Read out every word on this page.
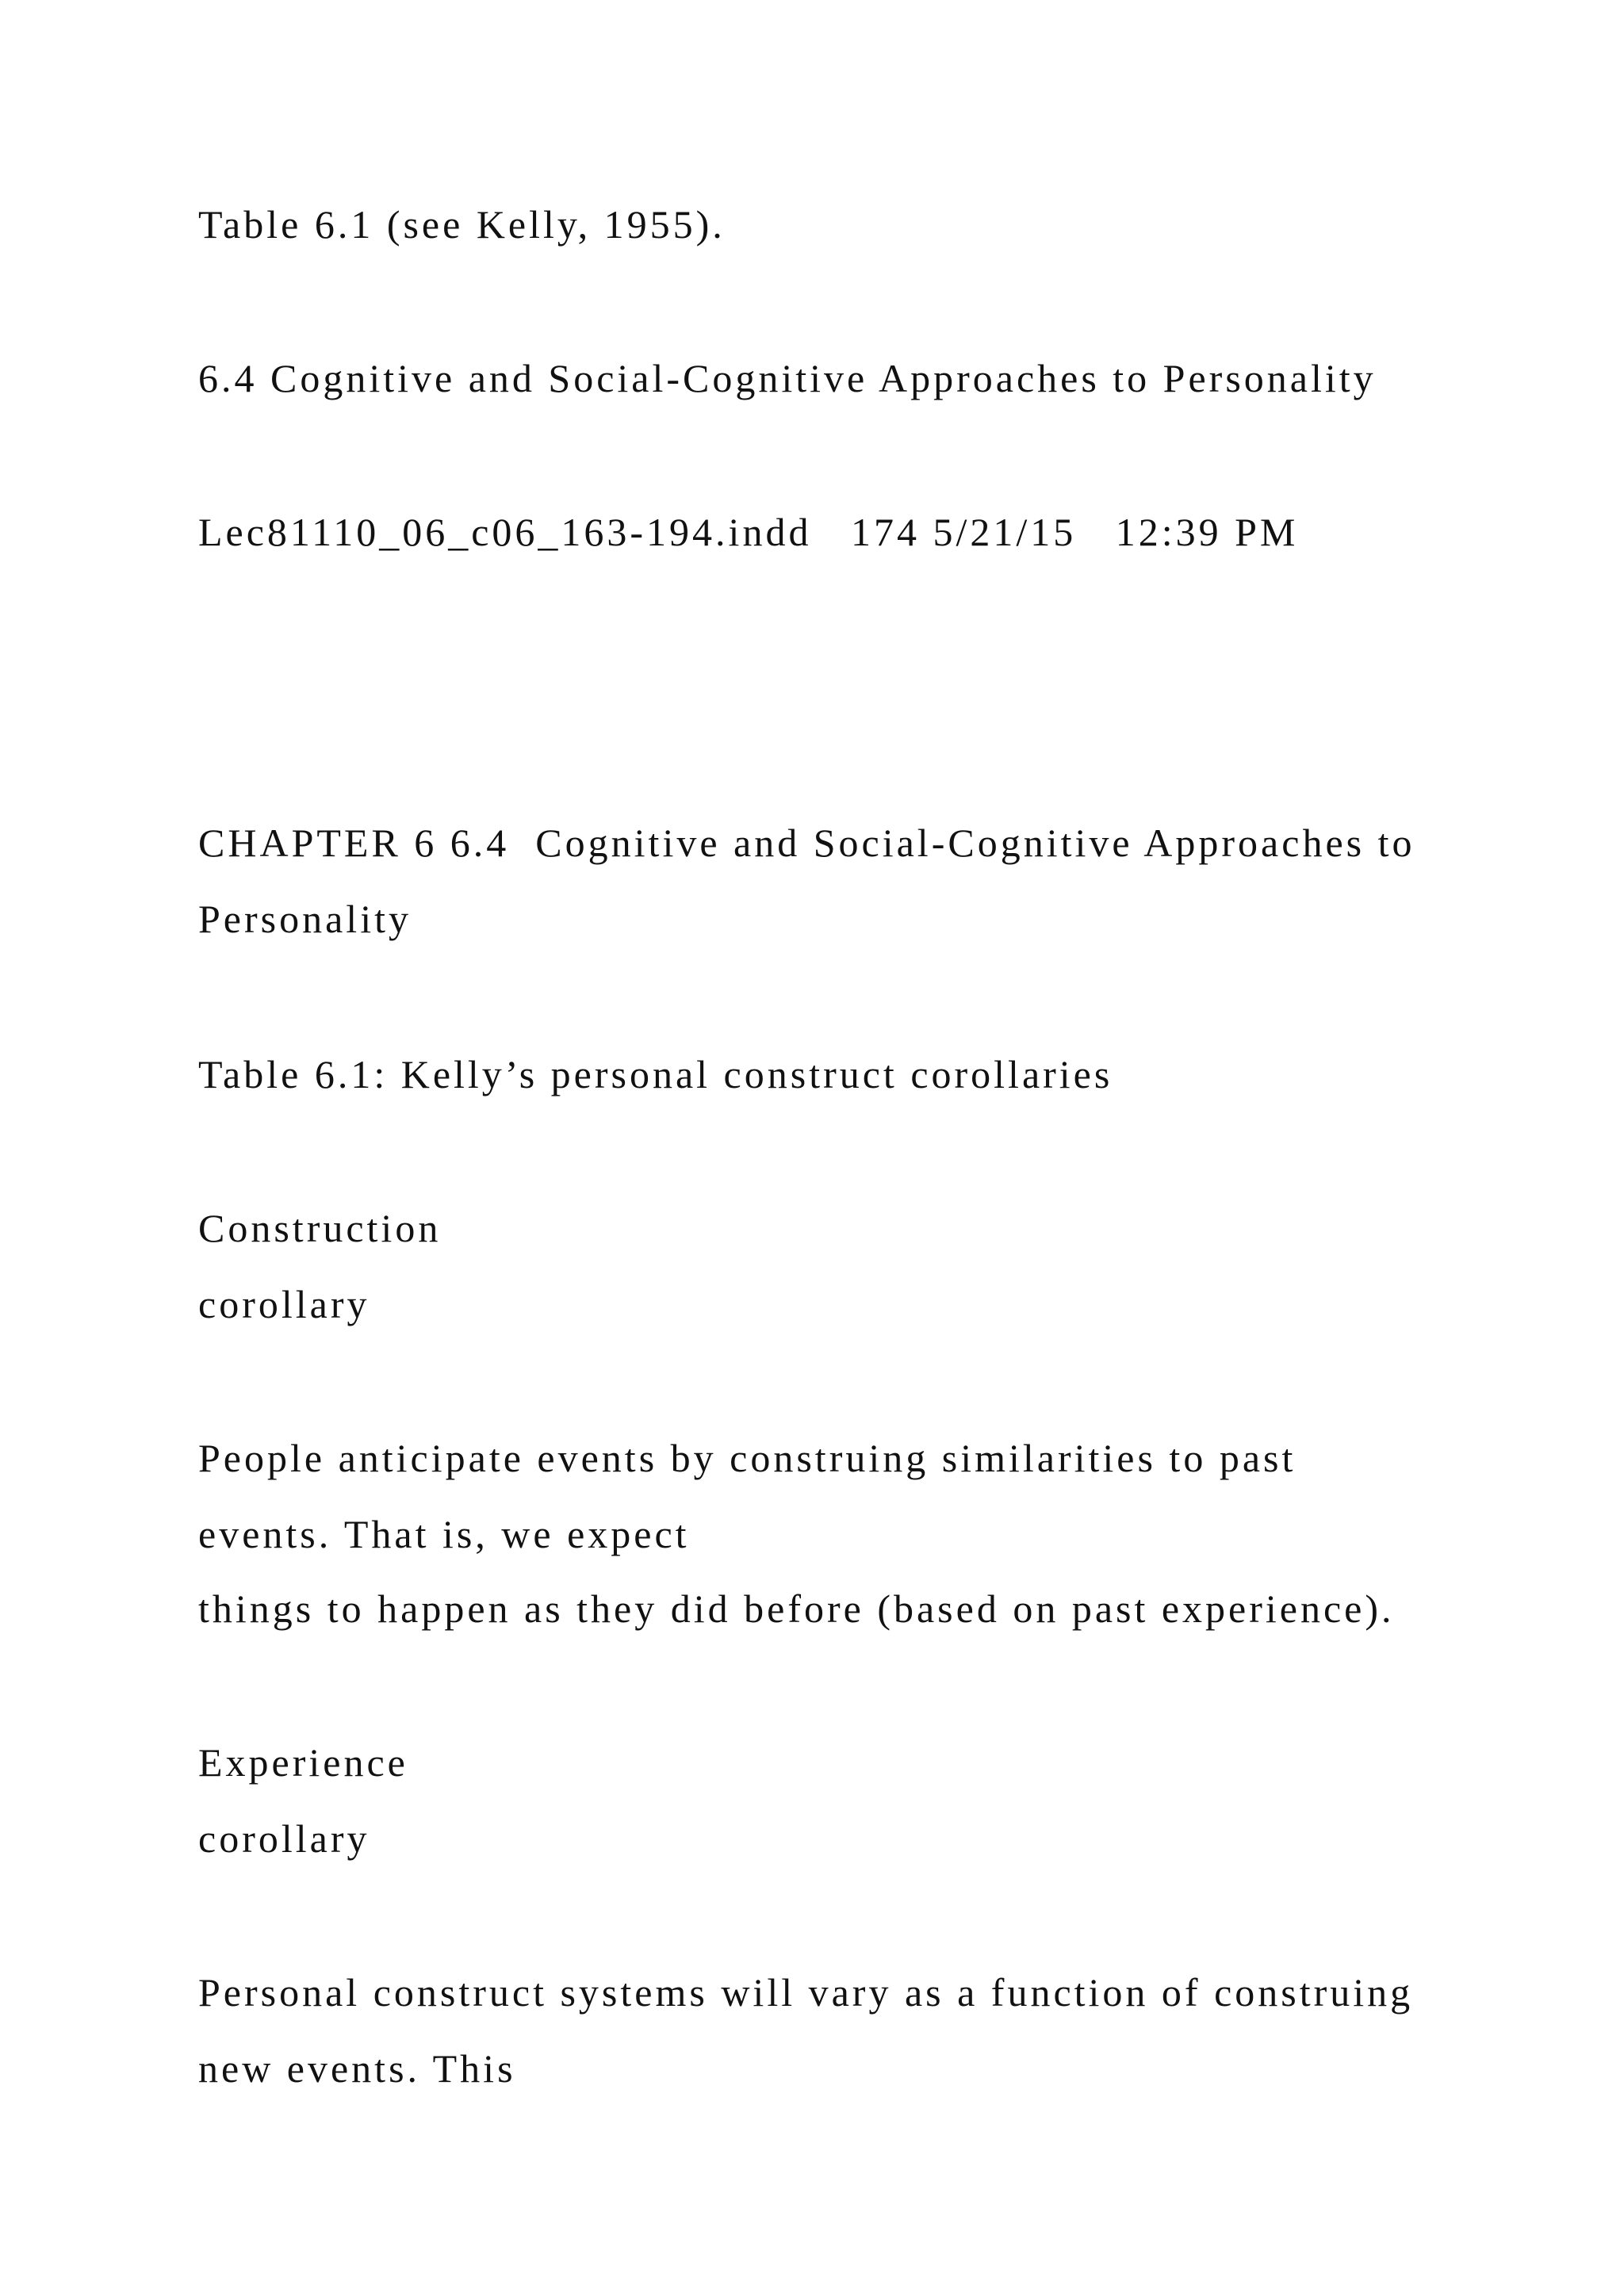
Table 6.1 (see Kelly, 1955).

6.4 Cognitive and Social-Cognitive Approaches to Personality

Lec81110_06_c06_163-194.indd   174 5/21/15   12:39 PM

CHAPTER 6 6.4  Cognitive and Social-Cognitive Approaches to

Personality

Table 6.1: Kelly’s personal construct corollaries

Construction

corollary

People anticipate events by construing similarities to past

events. That is, we expect

things to happen as they did before (based on past experience).

Experience

corollary

Personal construct systems will vary as a function of construing

new events. This
